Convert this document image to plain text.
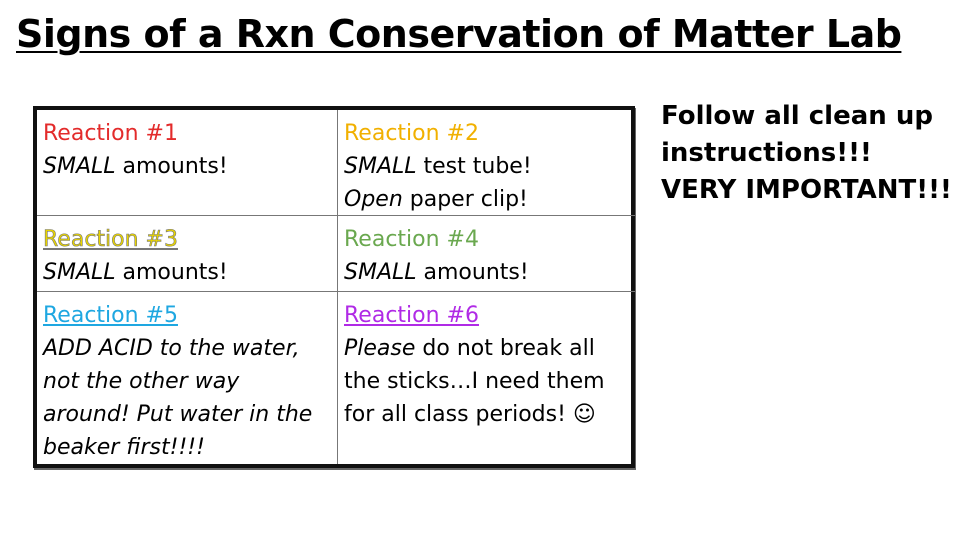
Signs of a Rxn Conservation of Matter Lab
Reaction #1
SMALL amounts!
Reaction #2
SMALL test tube!
Open paper clip!
Reaction #3
SMALL amounts!
Reaction #4
SMALL amounts!
Reaction #5
ADD ACID to the water,
not the other way
around! Put water in the
beaker first!!!!
Reaction #6
Please do not break all
the sticks…I need them
for all class periods! ☺
Follow all clean up
instructions!!!
VERY IMPORTANT!!!
